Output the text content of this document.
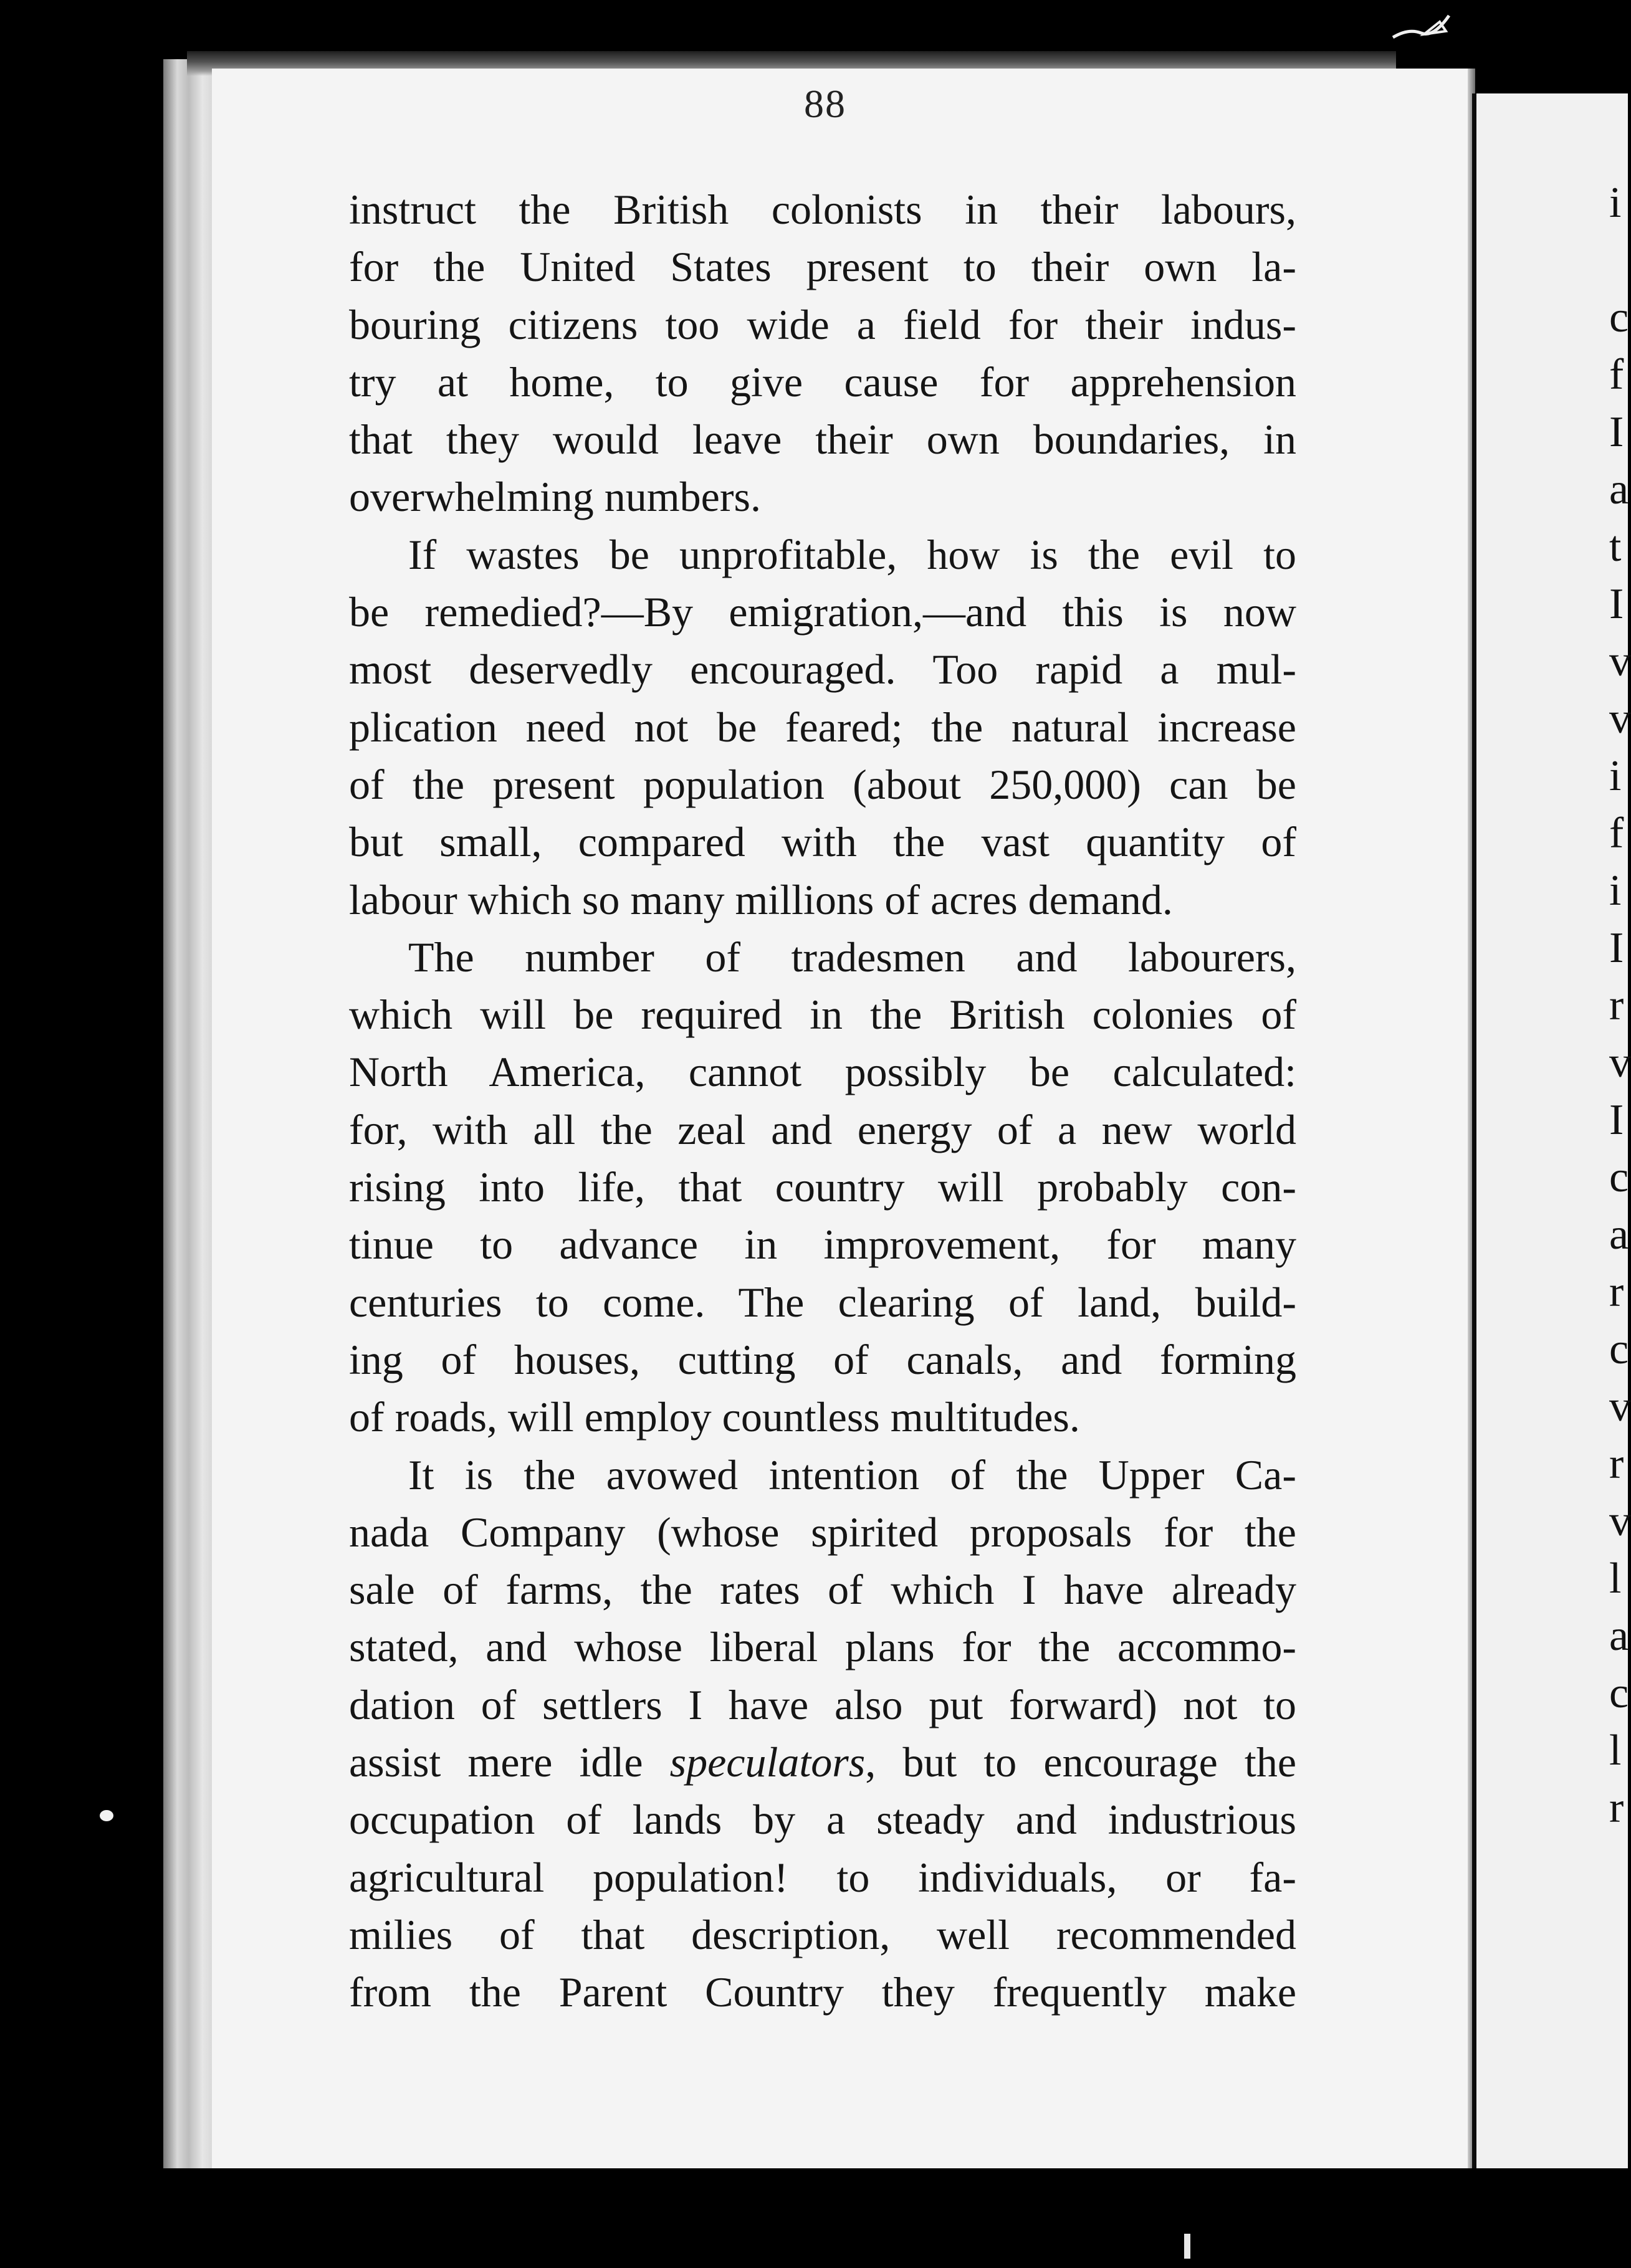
i
c
f
I
a
t
I
v
v
i
f
i
I
r
v
I
c
a
r
c
v
r
v
l
a
c
l
r
88
instruct the British colonists in their labours,
for the United States present to their own la-
bouring citizens too wide a field for their indus-
try at home, to give cause for apprehension
that they would leave their own boundaries, in
overwhelming numbers.
If wastes be unprofitable, how is the evil to
be remedied?—By emigration,—and this is now
most deservedly encouraged. Too rapid a mul-
plication need not be feared; the natural increase
of the present population (about 250,000) can be
but small, compared with the vast quantity of
labour which so many millions of acres demand.
The number of tradesmen and labourers,
which will be required in the British colonies of
North America, cannot possibly be calculated:
for, with all the zeal and energy of a new world
rising into life, that country will probably con-
tinue to advance in improvement, for many
centuries to come. The clearing of land, build-
ing of houses, cutting of canals, and forming
of roads, will employ countless multitudes.
It is the avowed intention of the Upper Ca-
nada Company (whose spirited proposals for the
sale of farms, the rates of which I have already
stated, and whose liberal plans for the accommo-
dation of settlers I have also put forward) not to
assist mere idle speculators, but to encourage the
occupation of lands by a steady and industrious
agricultural population! to individuals, or fa-
milies of that description, well recommended
from the Parent Country they frequently make
